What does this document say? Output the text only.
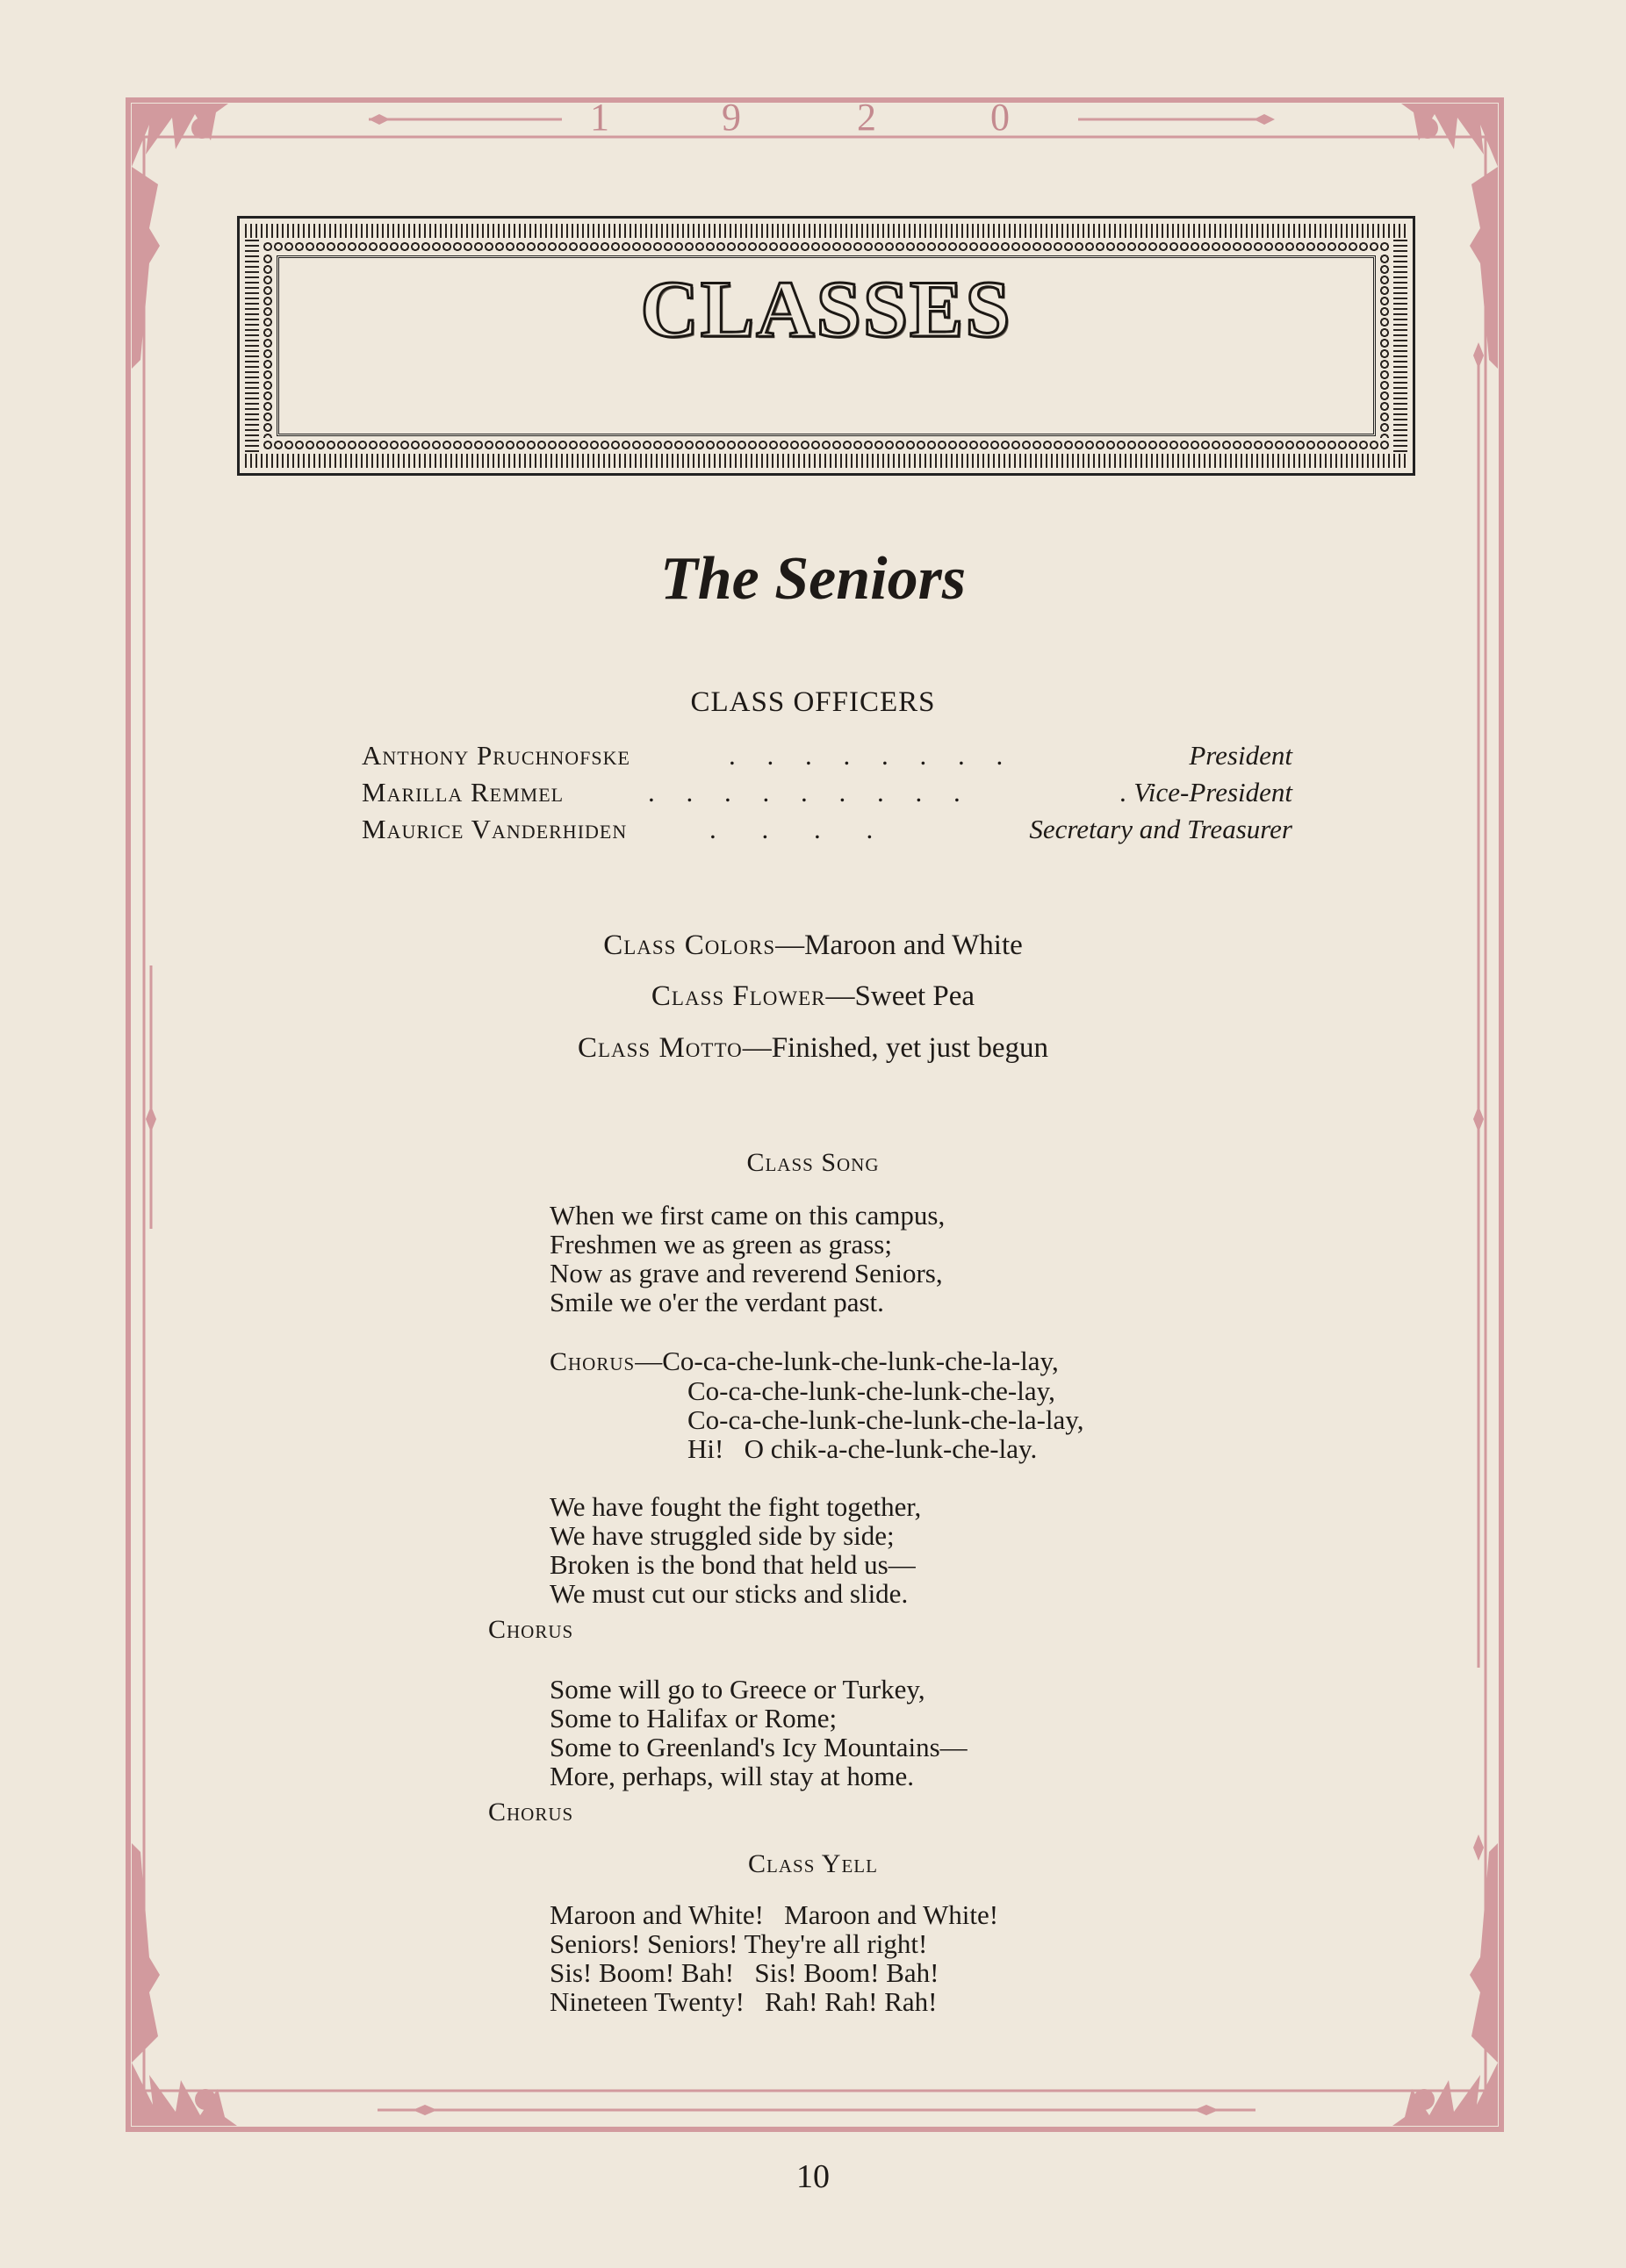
1	9	2	0
CLASSES
The Seniors
CLASS OFFICERS
Anthony Pruchnofske	. . . . . . . .	President
Marilla Remmel	. . . . . . . . .	. Vice-President
Maurice Vanderhiden	. . . .	Secretary and Treasurer
Class Colors—Maroon and White
Class Flower—Sweet Pea
Class Motto—Finished, yet just begun
Class Song
When we first came on this campus,
Freshmen we as green as grass;
Now as grave and reverend Seniors,
Smile we o'er the verdant past.
Chorus—Co-ca-che-lunk-che-lunk-che-la-lay,
Co-ca-che-lunk-che-lunk-che-lay,
Co-ca-che-lunk-che-lunk-che-la-lay,
Hi!   O chik-a-che-lunk-che-lay.
We have fought the fight together,
We have struggled side by side;
Broken is the bond that held us—
We must cut our sticks and slide.
Chorus
Some will go to Greece or Turkey,
Some to Halifax or Rome;
Some to Greenland's Icy Mountains—
More, perhaps, will stay at home.
Chorus
Class Yell
Maroon and White!   Maroon and White!
Seniors! Seniors! They're all right!
Sis! Boom! Bah!   Sis! Boom! Bah!
Nineteen Twenty!   Rah! Rah! Rah!
10
